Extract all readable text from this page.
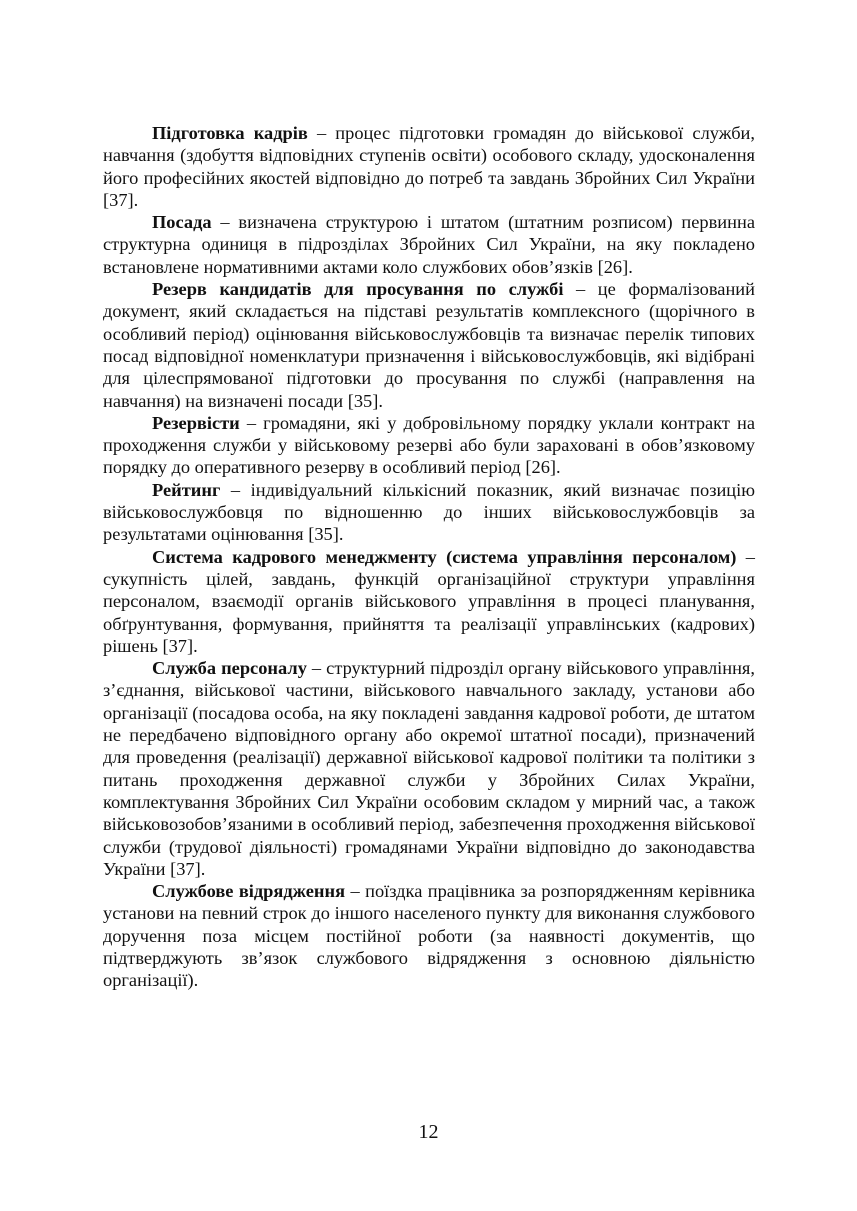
Підготовка кадрів – процес підготовки громадян до військової служби, навчання (здобуття відповідних ступенів освіти) особового складу, удосконалення його професійних якостей відповідно до потреб та завдань Збройних Сил України [37].

Посада – визначена структурою і штатом (штатним розписом) первинна структурна одиниця в підрозділах Збройних Сил України, на яку покладено встановлене нормативними актами коло службових обов’язків [26].

Резерв кандидатів для просування по службі – це формалізований документ, який складається на підставі результатів комплексного (щорічного в особливий період) оцінювання військовослужбовців та визначає перелік типових посад відповідної номенклатури призначення і військовослужбовців, які відібрані для цілеспрямованої підготовки до просування по службі (направлення на навчання) на визначені посади [35].

Резервісти – громадяни, які у добровільному порядку уклали контракт на проходження служби у військовому резерві або були зараховані в обов’язковому порядку до оперативного резерву в особливий період [26].

Рейтинг – індивідуальний кількісний показник, який визначає позицію військовослужбовця по відношенню до інших військовослужбовців за результатами оцінювання [35].

Система кадрового менеджменту (система управління персоналом) – сукупність цілей, завдань, функцій організаційної структури управління персоналом, взаємодії органів військового управління в процесі планування, обґрунтування, формування, прийняття та реалізації управлінських (кадрових) рішень [37].

Служба персоналу – структурний підрозділ органу військового управління, з’єднання, військової частини, військового навчального закладу, установи або організації (посадова особа, на яку покладені завдання кадрової роботи, де штатом не передбачено відповідного органу або окремої штатної посади), призначений для проведення (реалізації) державної військової кадрової політики та політики з питань проходження державної служби у Збройних Силах України, комплектування Збройних Сил України особовим складом у мирний час, а також військовозобов’язаними в особливий період, забезпечення проходження військової служби (трудової діяльності) громадянами України відповідно до законодавства України [37].

Службове відрядження – поїздка працівника за розпорядженням керівника установи на певний строк до іншого населеного пункту для виконання службового доручення поза місцем постійної роботи (за наявності документів, що підтверджують зв’язок службового відрядження з основною діяльністю організації).

12
